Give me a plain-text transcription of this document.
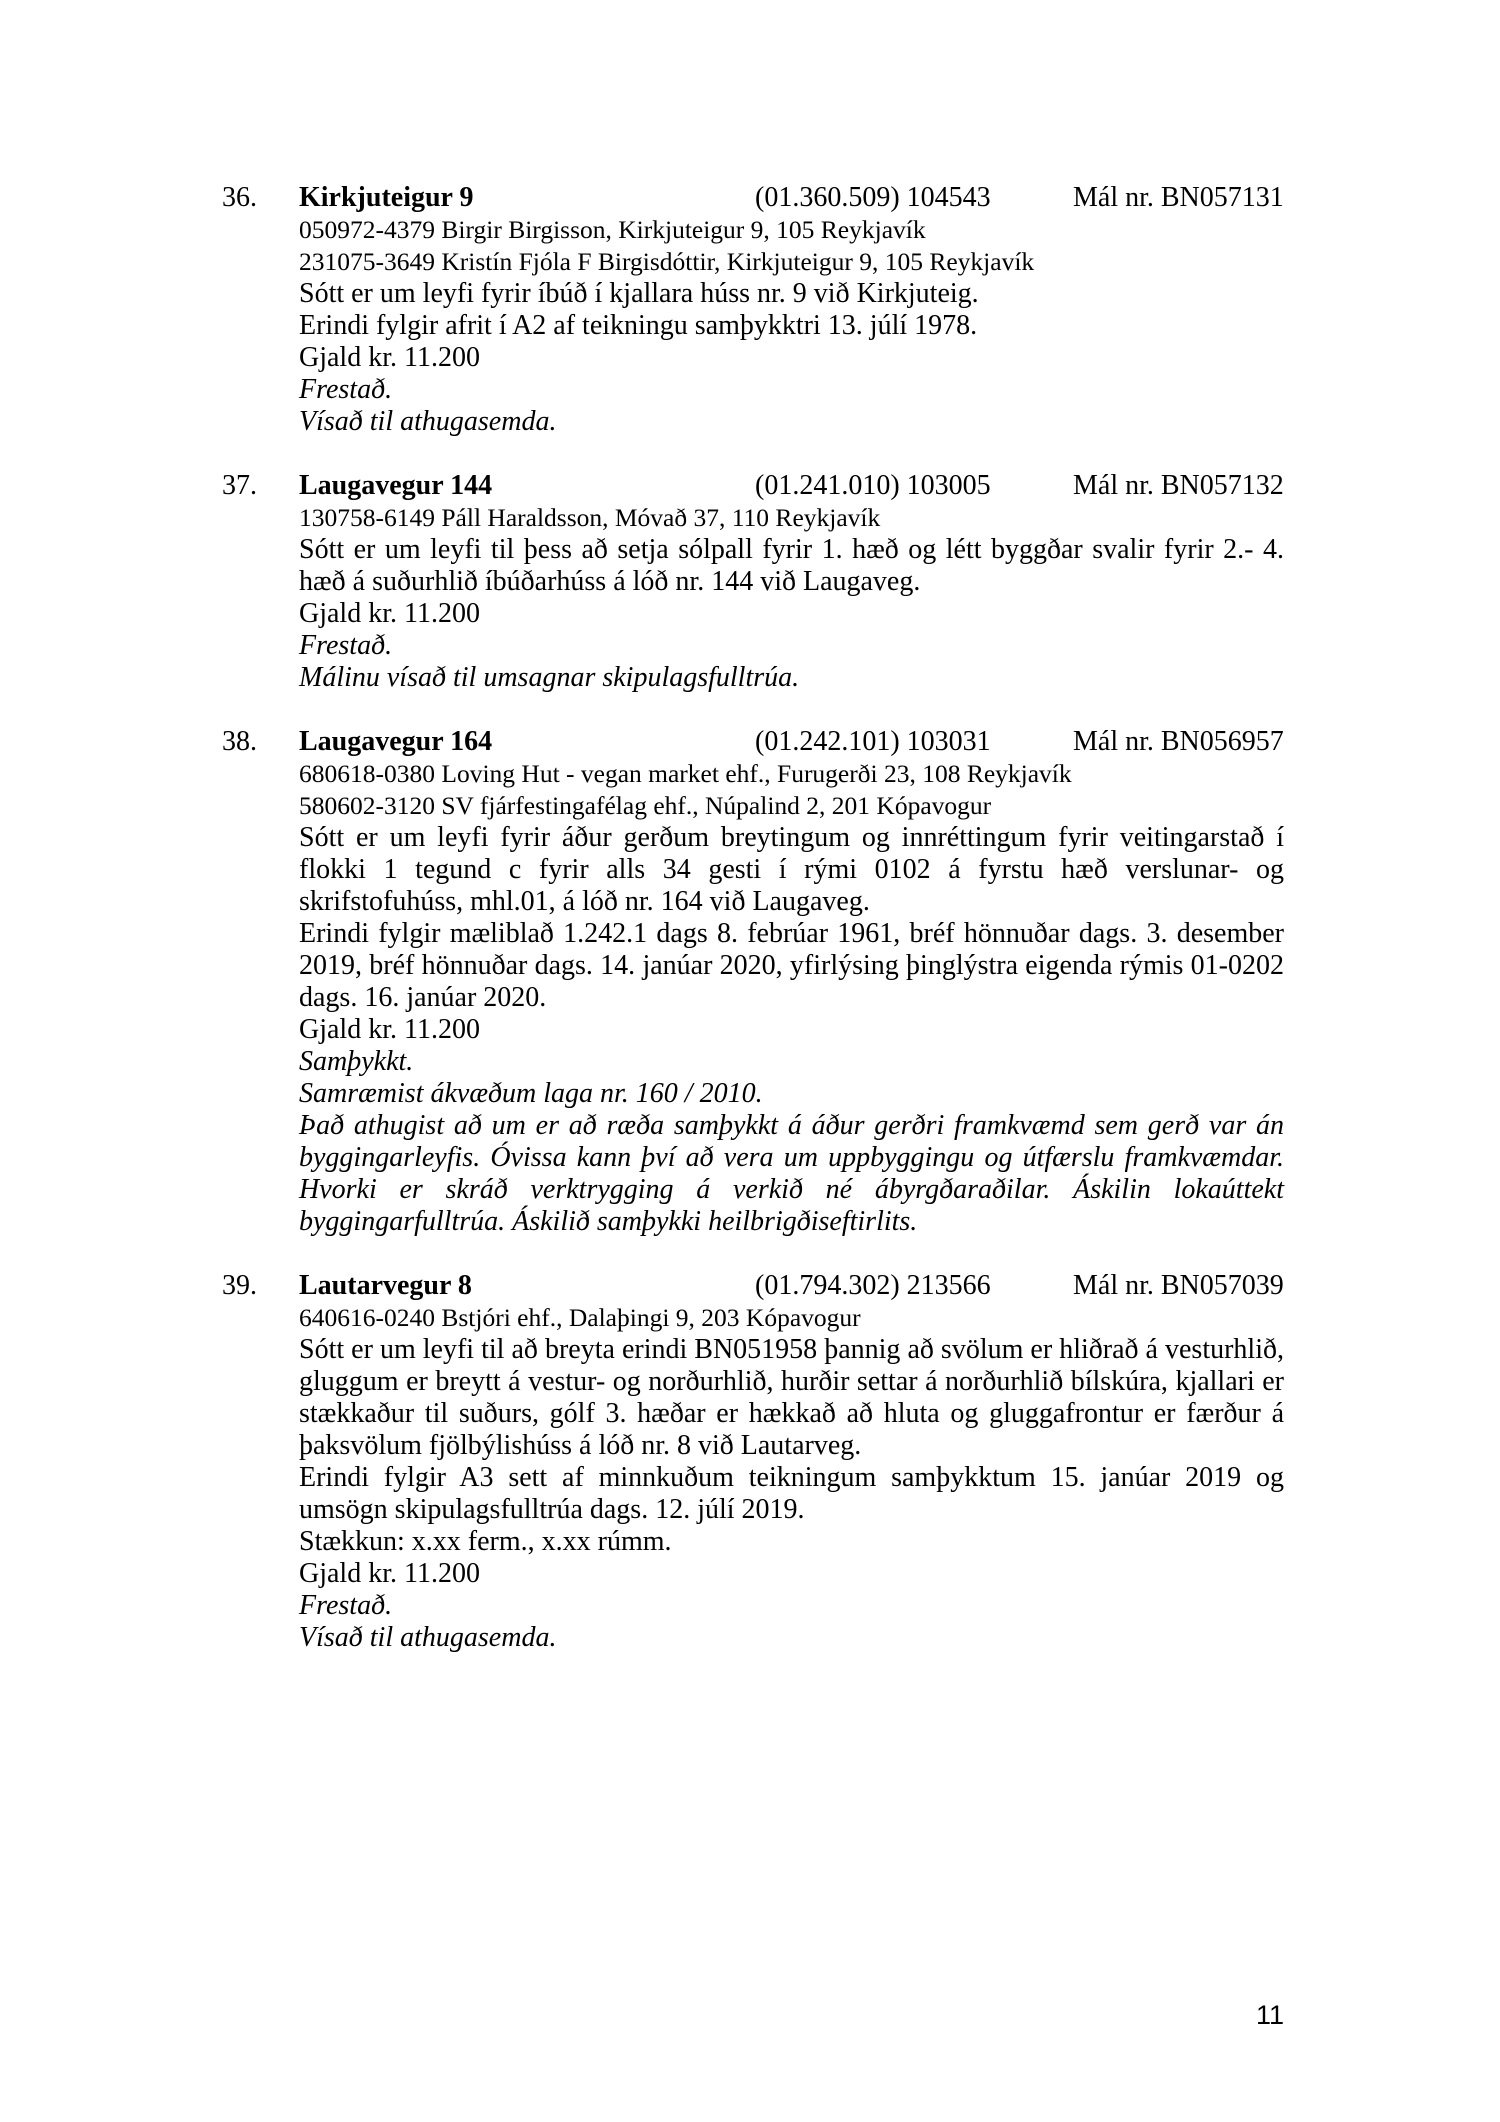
36.	Kirkjuteigur 9	(01.360.509) 104543	Mál nr. BN057131
050972-4379 Birgir Birgisson, Kirkjuteigur 9, 105 Reykjavík
231075-3649 Kristín Fjóla F Birgisdóttir, Kirkjuteigur 9, 105 Reykjavík
Sótt er um leyfi fyrir íbúð í kjallara húss nr. 9 við Kirkjuteig.
Erindi fylgir afrit í A2 af teikningu samþykktri 13. júlí 1978.
Gjald kr. 11.200
Frestað.
Vísað til athugasemda.
37.	Laugavegur 144	(01.241.010) 103005	Mál nr. BN057132
130758-6149 Páll Haraldsson, Móvað 37, 110 Reykjavík
Sótt er um leyfi til þess að setja sólpall fyrir 1. hæð og létt byggðar svalir fyrir 2.- 4. hæð á suðurhlið íbúðarhúss á lóð nr. 144 við Laugaveg.
Gjald kr. 11.200
Frestað.
Málinu vísað til umsagnar skipulagsfulltrúa.
38.	Laugavegur 164	(01.242.101) 103031	Mál nr. BN056957
680618-0380 Loving Hut - vegan market ehf., Furugerði 23, 108 Reykjavík
580602-3120 SV fjárfestingafélag ehf., Núpalind 2, 201 Kópavogur
Sótt er um leyfi fyrir áður gerðum breytingum og innréttingum fyrir veitingarstað í flokki 1 tegund c fyrir alls 34 gesti í rými 0102 á fyrstu hæð verslunar- og skrifstofuhúss, mhl.01, á lóð nr. 164 við Laugaveg.
Erindi fylgir mæliblað 1.242.1 dags 8. febrúar 1961, bréf hönnuðar dags. 3. desember 2019, bréf hönnuðar dags. 14. janúar 2020, yfirlýsing þinglýstra eigenda rýmis 01-0202 dags. 16. janúar 2020.
Gjald kr. 11.200
Samþykkt.
Samræmist ákvæðum laga nr. 160 / 2010.
Það athugist að um er að ræða samþykkt á áður gerðri framkvæmd sem gerð var án byggingarleyfis. Óvissa kann því að vera um uppbyggingu og útfærslu framkvæmdar. Hvorki er skráð verktrygging á verkið né ábyrgðaraðilar. Áskilin lokaúttekt byggingarfulltrúa. Áskilið samþykki heilbrigðiseftirlits.
39.	Lautarvegur 8	(01.794.302) 213566	Mál nr. BN057039
640616-0240 Bstjóri ehf., Dalaþingi 9, 203 Kópavogur
Sótt er um leyfi til að breyta erindi BN051958 þannig að svölum er hliðrað á vesturhlið, gluggum er breytt á vestur- og norðurhlið, hurðir settar á norðurhlið bílskúra, kjallari er stækkaður til suðurs, gólf 3. hæðar er hækkað að hluta og gluggafrontur er færður á þaksvölum fjölbýlishúss á lóð nr. 8 við Lautarveg.
Erindi fylgir A3 sett af minnkuðum teikningum samþykktum 15. janúar 2019 og umsögn skipulagsfulltrúa dags. 12. júlí 2019.
Stækkun: x.xx ferm., x.xx rúmm.
Gjald kr. 11.200
Frestað.
Vísað til athugasemda.
11
